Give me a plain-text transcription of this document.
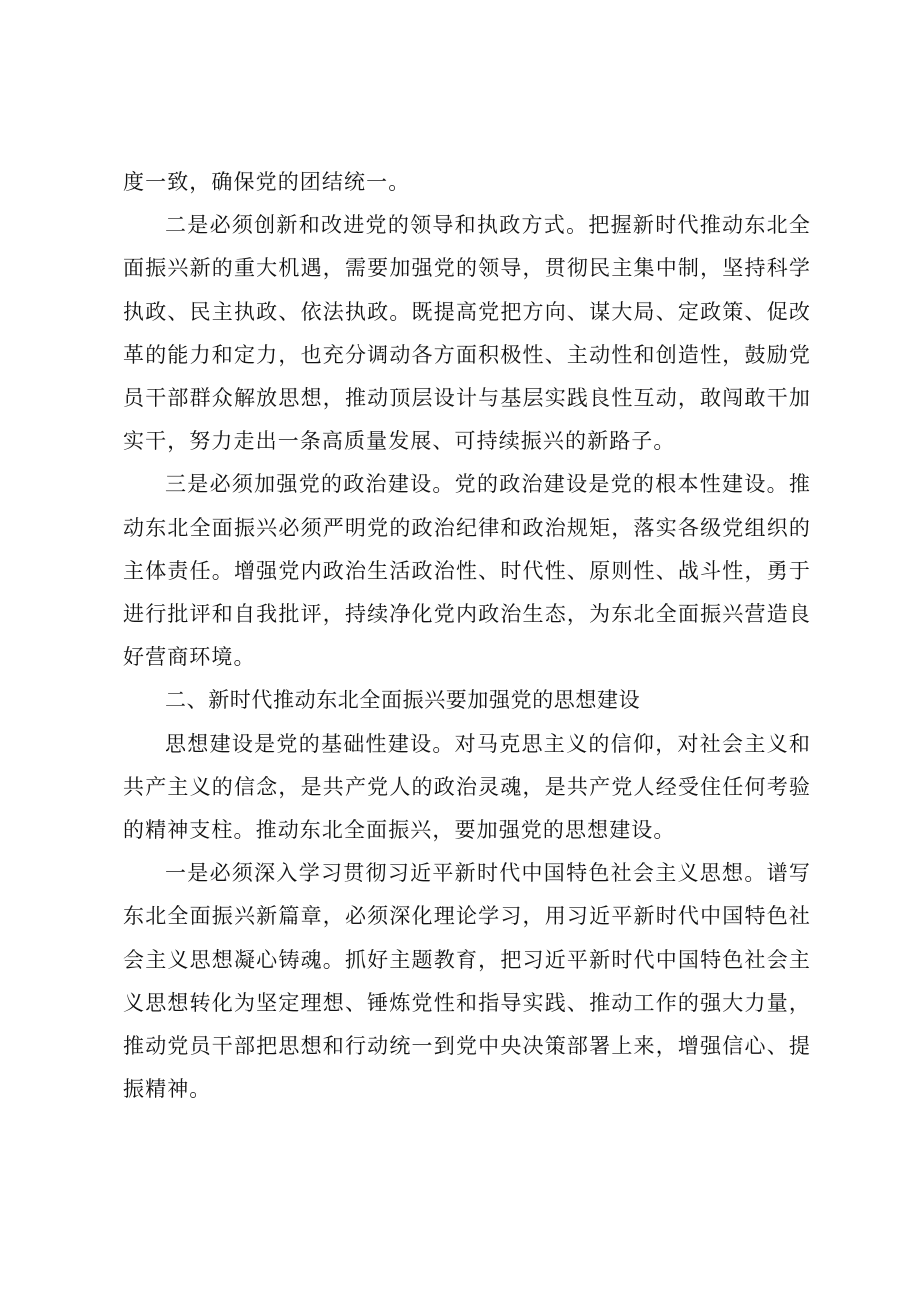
度一致，确保党的团结统一。

二是必须创新和改进党的领导和执政方式。把握新时代推动东北全面振兴新的重大机遇，需要加强党的领导，贯彻民主集中制，坚持科学执政、民主执政、依法执政。既提高党把方向、谋大局、定政策、促改革的能力和定力，也充分调动各方面积极性、主动性和创造性，鼓励党员干部群众解放思想，推动顶层设计与基层实践良性互动，敢闯敢干加实干，努力走出一条高质量发展、可持续振兴的新路子。

三是必须加强党的政治建设。党的政治建设是党的根本性建设。推动东北全面振兴必须严明党的政治纪律和政治规矩，落实各级党组织的主体责任。增强党内政治生活政治性、时代性、原则性、战斗性，勇于进行批评和自我批评，持续净化党内政治生态，为东北全面振兴营造良好营商环境。

二、新时代推动东北全面振兴要加强党的思想建设

思想建设是党的基础性建设。对马克思主义的信仰，对社会主义和共产主义的信念，是共产党人的政治灵魂，是共产党人经受住任何考验的精神支柱。推动东北全面振兴，要加强党的思想建设。

一是必须深入学习贯彻习近平新时代中国特色社会主义思想。谱写东北全面振兴新篇章，必须深化理论学习，用习近平新时代中国特色社会主义思想凝心铸魂。抓好主题教育，把习近平新时代中国特色社会主义思想转化为坚定理想、锤炼党性和指导实践、推动工作的强大力量，推动党员干部把思想和行动统一到党中央决策部署上来，增强信心、提振精神。
